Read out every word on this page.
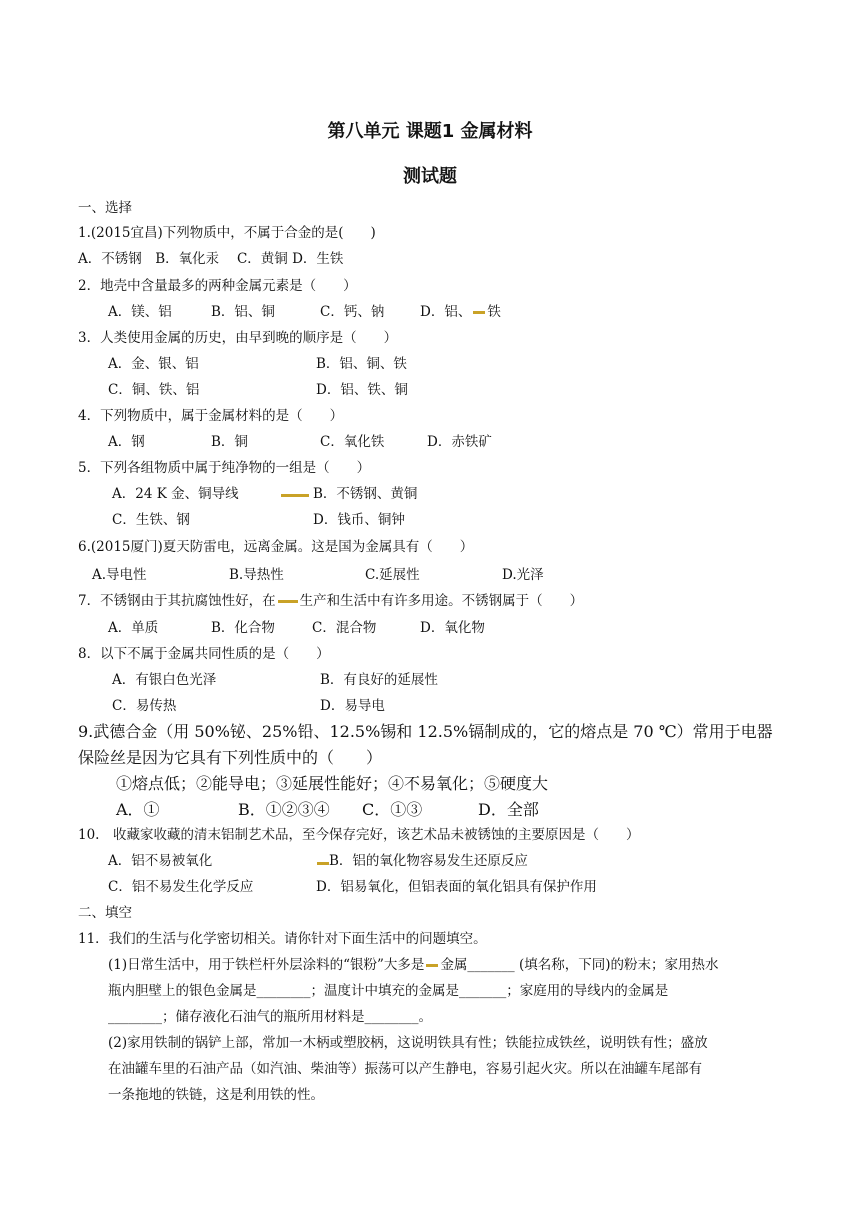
第八单元 课题1 金属材料
测试题
一、选择
1.(2015宜昌)下列物质中，不属于合金的是(　　)
A．不锈钢　B．氧化汞　 C．黄铜 D．生铁
2．地壳中含量最多的两种金属元素是（　　）
A．镁、铝	B．铝、铜	C．钙、钠	D．铝、 铁
3．人类使用金属的历史，由早到晚的顺序是（　　）
A．金、银、铝	B．铝、铜、铁
C．铜、铁、铝	D．铝、铁、铜
4．下列物质中，属于金属材料的是（　　）
A．钢	B．铜	C．氧化铁	D．赤铁矿
5．下列各组物质中属于纯净物的一组是（　　）
A．24 K 金、铜导线	B．不锈钢、黄铜
C．生铁、钢	D．钱币、铜钟
6.(2015厦门)夏天防雷电，远离金属。这是国为金属具有（　　）
A.导电性	B.导热性	C.延展性	D.光泽
7．不锈钢由于其抗腐蚀性好，在 生产和生活中有许多用途。不锈钢属于（　　）
A．单质	B．化合物	C．混合物	D．氧化物
8．以下不属于金属共同性质的是（　　）
A．有银白色光泽	B．有良好的延展性
C．易传热	D．易导电
9.武德合金（用 50%铋、25%铅、12.5%锡和 12.5%镉制成的，它的熔点是 70 ℃）常用于电器
保险丝是因为它具有下列性质中的（　　）
①熔点低；②能导电；③延展性能好；④不易氧化；⑤硬度大
A．①	B．①②③④ C．①③	D．全部
10.　收藏家收藏的清末铝制艺术品，至今保存完好，该艺术品未被锈蚀的主要原因是（　　）
A．铝不易被氧化	B．铝的氧化物容易发生还原反应
C．铝不易发生化学反应	D．铝易氧化，但铝表面的氧化铝具有保护作用
二、填空
11．我们的生活与化学密切相关。请你针对下面生活中的问题填空。
(1)日常生活中，用于铁栏杆外层涂料的“银粉”大多是 金属_______ (填名称，下同)的粉末；家用热水
瓶内胆壁上的银色金属是________；温度计中填充的金属是_______；家庭用的导线内的金属是
________；储存液化石油气的瓶所用材料是________。
(2)家用铁制的锅铲上部，常加一木柄或塑胶柄，这说明铁具有性；铁能拉成铁丝，说明铁有性；盛放
在油罐车里的石油产品（如汽油、柴油等）振荡可以产生静电，容易引起火灾。所以在油罐车尾部有
一条拖地的铁链，这是利用铁的性。
